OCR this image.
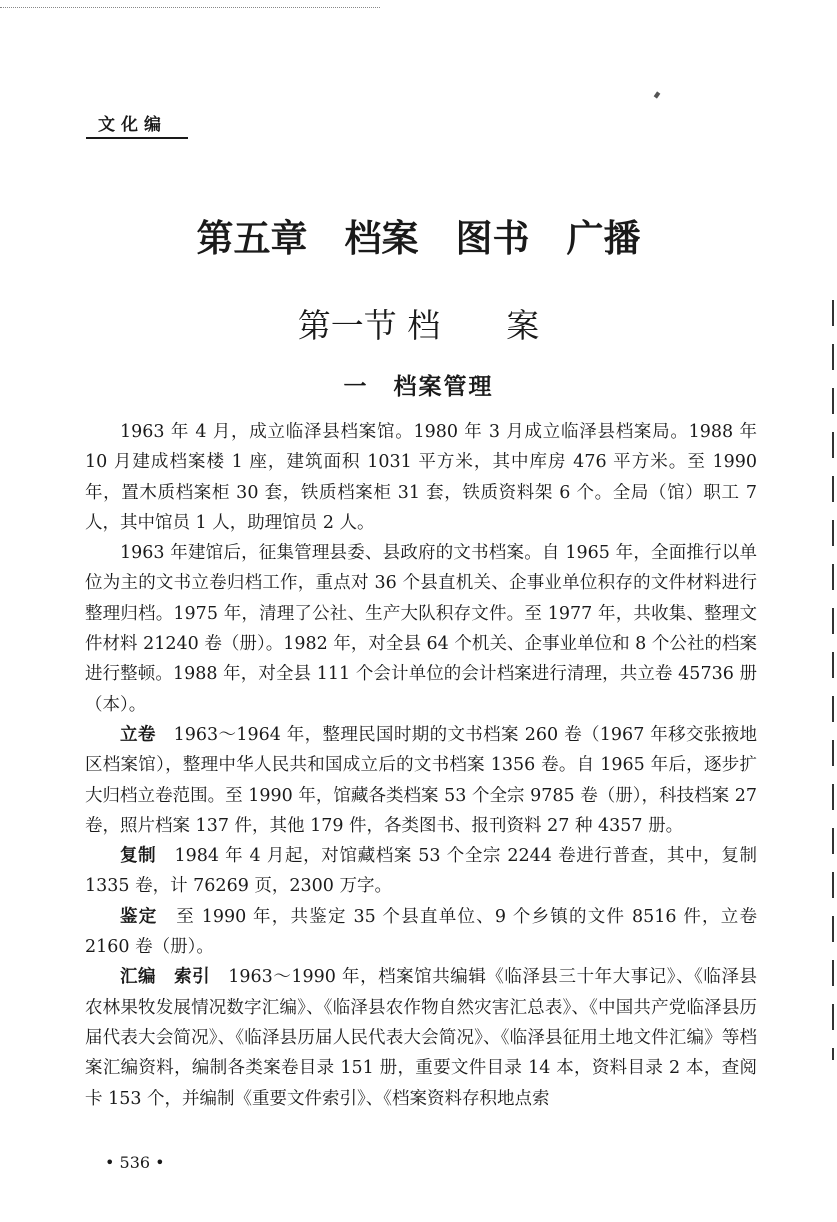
文化编
第五章　档案　图书　广播
第一节 档　　案
一　档案管理

1963 年 4 月，成立临泽县档案馆。1980 年 3 月成立临泽县档案局。1988 年 10 月建成档案楼 1 座，建筑面积 1031 平方米，其中库房 476 平方米。至 1990 年，置木质档案柜 30 套，铁质档案柜 31 套，铁质资料架 6 个。全局（馆）职工 7 人，其中馆员 1 人，助理馆员 2 人。

1963 年建馆后，征集管理县委、县政府的文书档案。自 1965 年，全面推行以单位为主的文书立卷归档工作，重点对 36 个县直机关、企事业单位积存的文件材料进行整理归档。1975 年，清理了公社、生产大队积存文件。至 1977 年，共收集、整理文件材料 21240 卷（册）。1982 年，对全县 64 个机关、企事业单位和 8 个公社的档案进行整顿。1988 年，对全县 111 个会计单位的会计档案进行清理，共立卷 45736 册（本）。

立卷　1963～1964 年，整理民国时期的文书档案 260 卷（1967 年移交张掖地区档案馆），整理中华人民共和国成立后的文书档案 1356 卷。自 1965 年后，逐步扩大归档立卷范围。至 1990 年，馆藏各类档案 53 个全宗 9785 卷（册），科技档案 27 卷，照片档案 137 件，其他 179 件，各类图书、报刊资料 27 种 4357 册。

复制　1984 年 4 月起，对馆藏档案 53 个全宗 2244 卷进行普查，其中，复制 1335 卷，计 76269 页，2300 万字。

鉴定　至 1990 年，共鉴定 35 个县直单位、9 个乡镇的文件 8516 件，立卷 2160 卷（册）。

汇编　索引　1963～1990 年，档案馆共编辑《临泽县三十年大事记》、《临泽县农林果牧发展情况数字汇编》、《临泽县农作物自然灾害汇总表》、《中国共产党临泽县历届代表大会简况》、《临泽县历届人民代表大会简况》、《临泽县征用土地文件汇编》等档案汇编资料，编制各类案卷目录 151 册，重要文件目录 14 本，资料目录 2 本，查阅卡 153 个，并编制《重要文件索引》、《档案资料存积地点索

• 536 •
